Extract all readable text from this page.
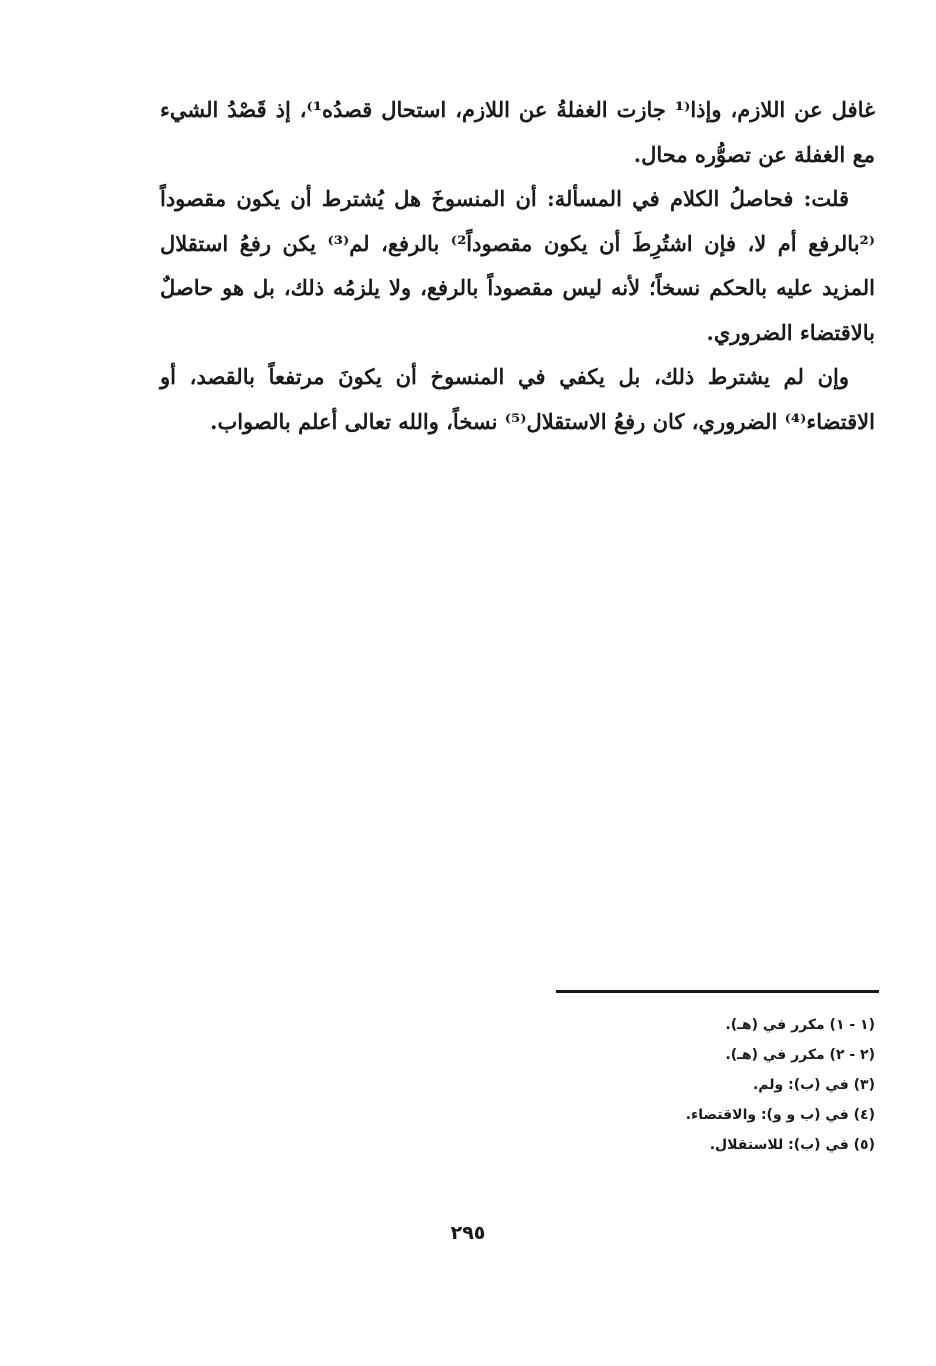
غافل عن اللازم، وإذا⁽¹ جازت الغفلةُ عن اللازم، استحال قصدُه¹⁾، إذ قَصْدُ الشيء مع الغفلة عن تصوُّره محال.

قلت: فحاصلُ الكلام في المسألة: أن المنسوخَ هل يُشترط أن يكون مقصوداً ⁽²بالرفع أم لا، فإن اشتُرِطَ أن يكون مقصوداً²⁾ بالرفع، لم⁽³⁾ يكن رفعُ استقلال المزيد عليه بالحكم نسخاً؛ لأنه ليس مقصوداً بالرفع، ولا يلزمُه ذلك، بل هو حاصلٌ بالاقتضاء الضروري.

وإن لم يشترط ذلك، بل يكفي في المنسوخ أن يكونَ مرتفعاً بالقصد، أو الاقتضاء⁽⁴⁾ الضروري، كان رفعُ الاستقلال⁽⁵⁾ نسخاً، والله تعالى أعلم بالصواب.

(١ - ١) مكرر في (هـ).
(٢ - ٢) مكرر في (هـ).
(٣) في (ب): ولم.
(٤) في (ب و و): والاقتضاء.
(٥) في (ب): للاستقلال.
٢٩٥
